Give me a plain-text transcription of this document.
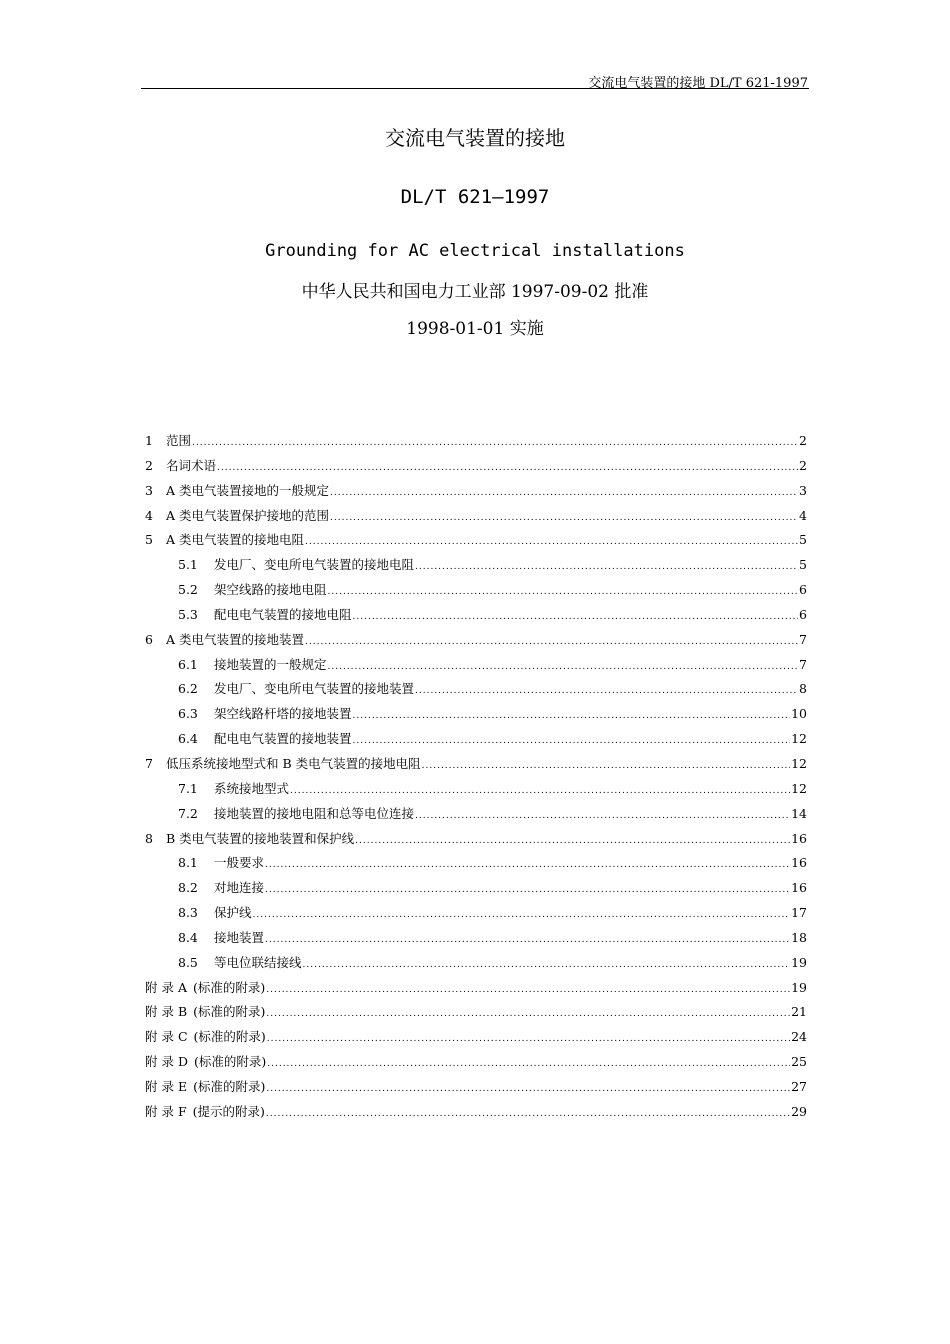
交流电气装置的接地 DL/T 621-1997
交流电气装置的接地
DL/T 621—1997
Grounding for AC electrical installations
中华人民共和国电力工业部 1997-09-02 批准
1998-01-01 实施
1	范围 .....	2
2	名词术语 .....	2
3	A 类电气装置接地的一般规定 .....	3
4	A 类电气装置保护接地的范围 .....	4
5	A 类电气装置的接地电阻 .....	5
5.1	发电厂、变电所电气装置的接地电阻 .....	5
5.2	架空线路的接地电阻 .....	6
5.3	配电电气装置的接地电阻 .....	6
6	A 类电气装置的接地装置 .....	7
6.1	接地装置的一般规定 .....	7
6.2	发电厂、变电所电气装置的接地装置 .....	8
6.3	架空线路杆塔的接地装置 .....	10
6.4	配电电气装置的接地装置 .....	12
7	低压系统接地型式和 B 类电气装置的接地电阻 .....	12
7.1	系统接地型式 .....	12
7.2	接地装置的接地电阻和总等电位连接 .....	14
8	B 类电气装置的接地装置和保护线 .....	16
8.1	一般要求 .....	16
8.2	对地连接 .....	16
8.3	保护线 .....	17
8.4	接地装置 .....	18
8.5	等电位联结接线 .....	19
附 录 A (标准的附录) .....	19
附 录 B (标准的附录) .....	21
附 录 C (标准的附录) .....	24
附 录 D (标准的附录) .....	25
附 录 E (标准的附录) .....	27
附 录 F (提示的附录) .....	29
